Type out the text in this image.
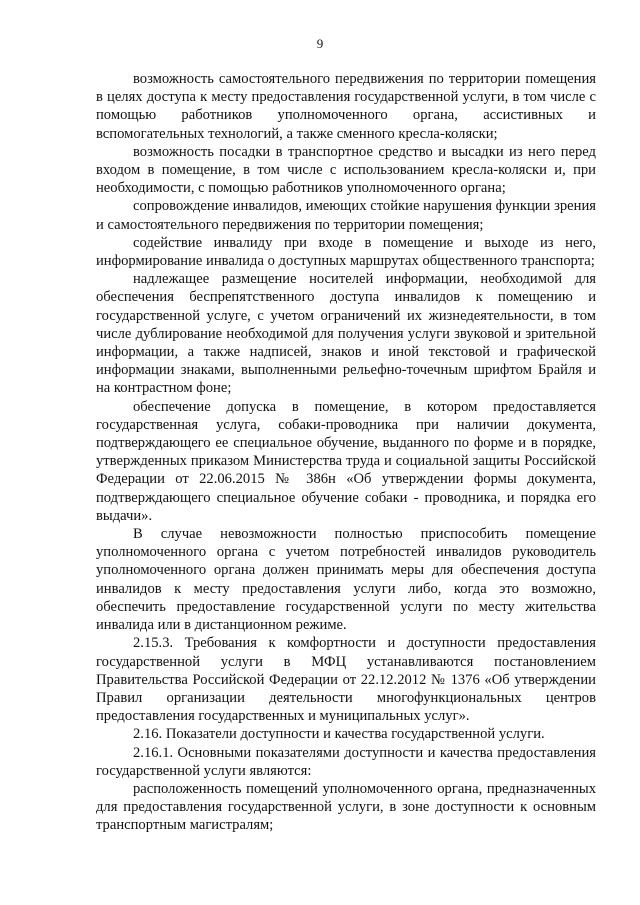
9

возможность самостоятельного передвижения по территории помещения в целях доступа к месту предоставления государственной услуги, в том числе с помощью работников уполномоченного органа, ассистивных и вспомогательных технологий, а также сменного кресла-коляски;

возможность посадки в транспортное средство и высадки из него перед входом в помещение, в том числе с использованием кресла-коляски и, при необходимости, с помощью работников уполномоченного органа;

сопровождение инвалидов, имеющих стойкие нарушения функции зрения и самостоятельного передвижения по территории помещения;

содействие инвалиду при входе в помещение и выходе из него, информирование инвалида о доступных маршрутах общественного транспорта;

надлежащее размещение носителей информации, необходимой для обеспечения беспрепятственного доступа инвалидов к помещению и государственной услуге, с учетом ограничений их жизнедеятельности, в том числе дублирование необходимой для получения услуги звуковой и зрительной информации, а также надписей, знаков и иной текстовой и графической информации знаками, выполненными рельефно-точечным шрифтом Брайля и на контрастном фоне;

обеспечение допуска в помещение, в котором предоставляется государственная услуга, собаки-проводника при наличии документа, подтверждающего ее специальное обучение, выданного по форме и в порядке, утвержденных приказом Министерства труда и социальной защиты Российской Федерации от 22.06.2015 № 386н «Об утверждении формы документа, подтверждающего специальное обучение собаки - проводника, и порядка его выдачи».

В случае невозможности полностью приспособить помещение уполномоченного органа с учетом потребностей инвалидов руководитель уполномоченного органа должен принимать меры для обеспечения доступа инвалидов к месту предоставления услуги либо, когда это возможно, обеспечить предоставление государственной услуги по месту жительства инвалида или в дистанционном режиме.

2.15.3. Требования к комфортности и доступности предоставления государственной услуги в МФЦ устанавливаются постановлением Правительства Российской Федерации от 22.12.2012 № 1376 «Об утверждении Правил организации деятельности многофункциональных центров предоставления государственных и муниципальных услуг».

2.16. Показатели доступности и качества государственной услуги.

2.16.1. Основными показателями доступности и качества предоставления государственной услуги являются:

расположенность помещений уполномоченного органа, предназначенных для предоставления государственной услуги, в зоне доступности к основным транспортным магистралям;
